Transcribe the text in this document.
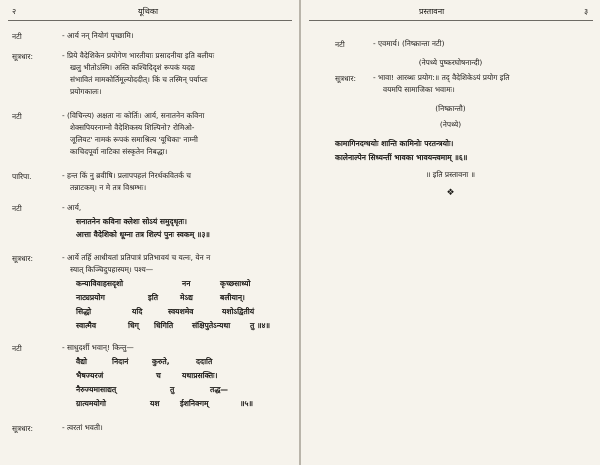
२	यूथिका
नटी	- आर्य नन् नियोगं पृच्छामि।
सूत्रधार:	- प्रिये वैदेशिकेन प्रयोगेण भारतीयाः प्रसादनीया इति बलीयः
खलु भीतोऽस्मि। अस्ति कश्चिदिदृशं रूपकं यदद्य
संभावितं मामकोर्तिमूल्योददीत्। किं च तस्मिन् पर्याप्तः
प्रयोगकालः।
नटी	- (विचिन्त्य) अक्षता नः कोर्तिः। आर्य, सनातनेन कविना
शेक्सपियरनाम्नो वैदेशिकस्य शिल्पिनो? रोमिओ-
जूलियट' नामकं रूपकं समाश्रित्य 'यूथिका' नाम्नी
काचिदपूर्वा नाटिका संस्कृतेन निबद्धा।
पारिपा.	- हन्त किं नु ब्रवीषि। प्रलापपहलं निरर्थकवितर्कं च
तन्नाटकम्। न मे तत्र विश्रम्भः।
नटी	- आर्य,
सनातनेन कविना क्लेशः सोऽयं समुदृधृतः।
आत्ता वैदेशिको धूम्ना तत्र शिल्पं पुनः स्वकम् ॥३॥
सूत्रधार:	- आर्ये तर्हि आधीयतां प्रतिपात्रं प्रतिभावयं च यत्नः, येन न
स्यात् किञ्चिदुपहास्यम्। पश्य—
कन्याविवाहसदृशो	नन	कृच्छ्साध्यो
नाट्यप्रयोग	इति	मेऽद्य	बलीयान्।
सिद्धो	यदि	स्वयशमेव	यशोऽद्वितीयं
स्वात्मैव	धिग् धिगिति संक्षिपुतेऽन्यथा	तु ॥४॥
नटी	- साधुदर्शी भवान्! किन्तु—
वैद्यो	निदानं	कुरुते,	ददाति
भैषज्यरजं	च	यथाप्रसक्तिः।
नैरुज्यमासाद्यत्	तु	तद्ध—
ग्रात्यमयोगो	यश	ईशनिक्गम्	॥५॥
सूत्रधार:	- त्वरतां भवती।
प्रस्तावना	३
नटी	- एवमार्य। (निष्क्रान्ता नटी)
(नेपथ्ये पुष्करघोषनान्दी)
सूत्रधार: - भावा! आरब्धः प्रयोग:॥ तद् वैदेशिकेऽयं प्रयोग इति
वयमपि सामाजिका भवामः।
(निष्क्रान्तौ)
(नेपथ्ये)
कामागिनदग्धयोः शान्ति कामिनोः परतन्त्रयोः।
कालेनाल्पेन सिध्यन्तीं भावका भावयन्त्वमाम् ॥६॥
॥ इति प्रस्तावना ॥
❖
